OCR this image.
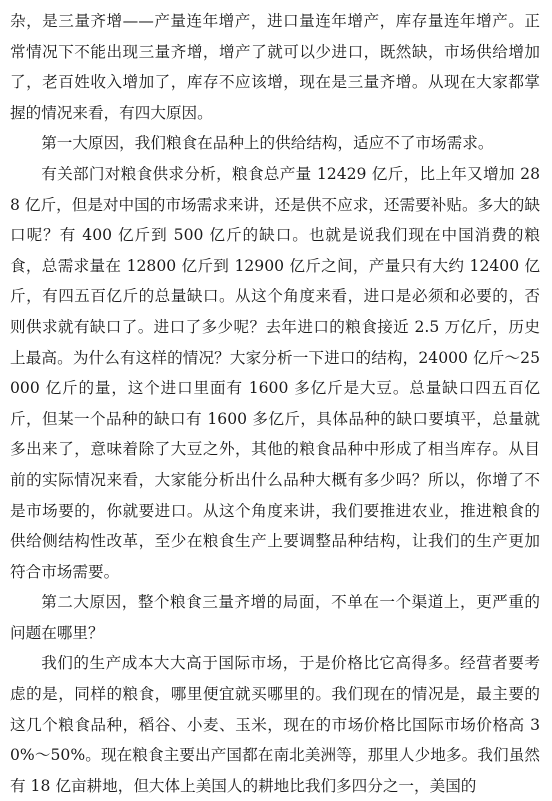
杂，是三量齐增——产量连年增产，进口量连年增产，库存量连年增产。正常情况下不能出现三量齐增，增产了就可以少进口，既然缺，市场供给增加了，老百姓收入增加了，库存不应该增，现在是三量齐增。从现在大家都掌握的情况来看，有四大原因。

第一大原因，我们粮食在品种上的供给结构，适应不了市场需求。

有关部门对粮食供求分析，粮食总产量 12429 亿斤，比上年又增加 288 亿斤，但是对中国的市场需求来讲，还是供不应求，还需要补贴。多大的缺口呢？有 400 亿斤到 500 亿斤的缺口。也就是说我们现在中国消费的粮食，总需求量在 12800 亿斤到 12900 亿斤之间，产量只有大约 12400 亿斤，有四五百亿斤的总量缺口。从这个角度来看，进口是必须和必要的，否则供求就有缺口了。进口了多少呢？去年进口的粮食接近 2.5 万亿斤，历史上最高。为什么有这样的情况？大家分析一下进口的结构，24000 亿斤～25000 亿斤的量，这个进口里面有 1600 多亿斤是大豆。总量缺口四五百亿斤，但某一个品种的缺口有 1600 多亿斤，具体品种的缺口要填平，总量就多出来了，意味着除了大豆之外，其他的粮食品种中形成了相当库存。从目前的实际情况来看，大家能分析出什么品种大概有多少吗？所以，你增了不是市场要的，你就要进口。从这个角度来讲，我们要推进农业，推进粮食的供给侧结构性改革，至少在粮食生产上要调整品种结构，让我们的生产更加符合市场需要。

第二大原因，整个粮食三量齐增的局面，不单在一个渠道上，更严重的问题在哪里？

我们的生产成本大大高于国际市场，于是价格比它高得多。经营者要考虑的是，同样的粮食，哪里便宜就买哪里的。我们现在的情况是，最主要的这几个粮食品种，稻谷、小麦、玉米，现在的市场价格比国际市场价格高 30%～50%。现在粮食主要出产国都在南北美洲等，那里人少地多。我们虽然有 18 亿亩耕地，但大体上美国人的耕地比我们多四分之一，美国的
